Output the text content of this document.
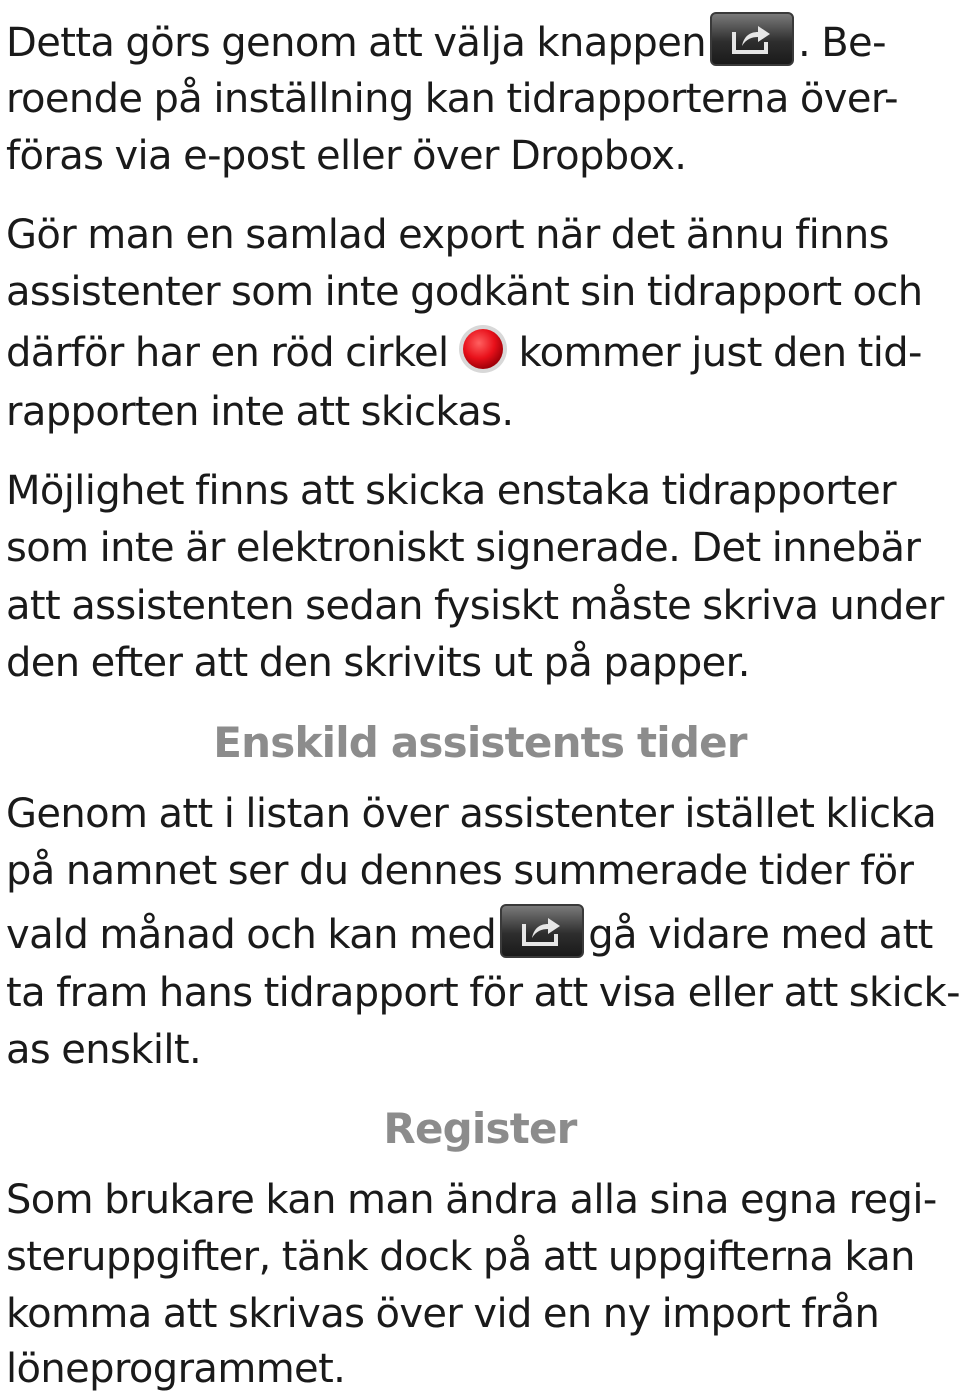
Detta görs genom att välja knappen . Be-
roende på inställning kan tidrapporterna över-
föras via e-post eller över Dropbox.
Gör man en samlad export när det ännu finns
assistenter som inte godkänt sin tidrapport och
därför har en röd cirkel kommer just den tid-
rapporten inte att skickas.
Möjlighet finns att skicka enstaka tidrapporter
som inte är elektroniskt signerade. Det innebär
att assistenten sedan fysiskt måste skriva under
den efter att den skrivits ut på papper.
Enskild assistents tider
Genom att i listan över assistenter istället klicka
på namnet ser du dennes summerade tider för
vald månad och kan med gå vidare med att
ta fram hans tidrapport för att visa eller att skick-
as enskilt.
Register
Som brukare kan man ändra alla sina egna regi-
steruppgifter, tänk dock på att uppgifterna kan
komma att skrivas över vid en ny import från
löneprogrammet.
